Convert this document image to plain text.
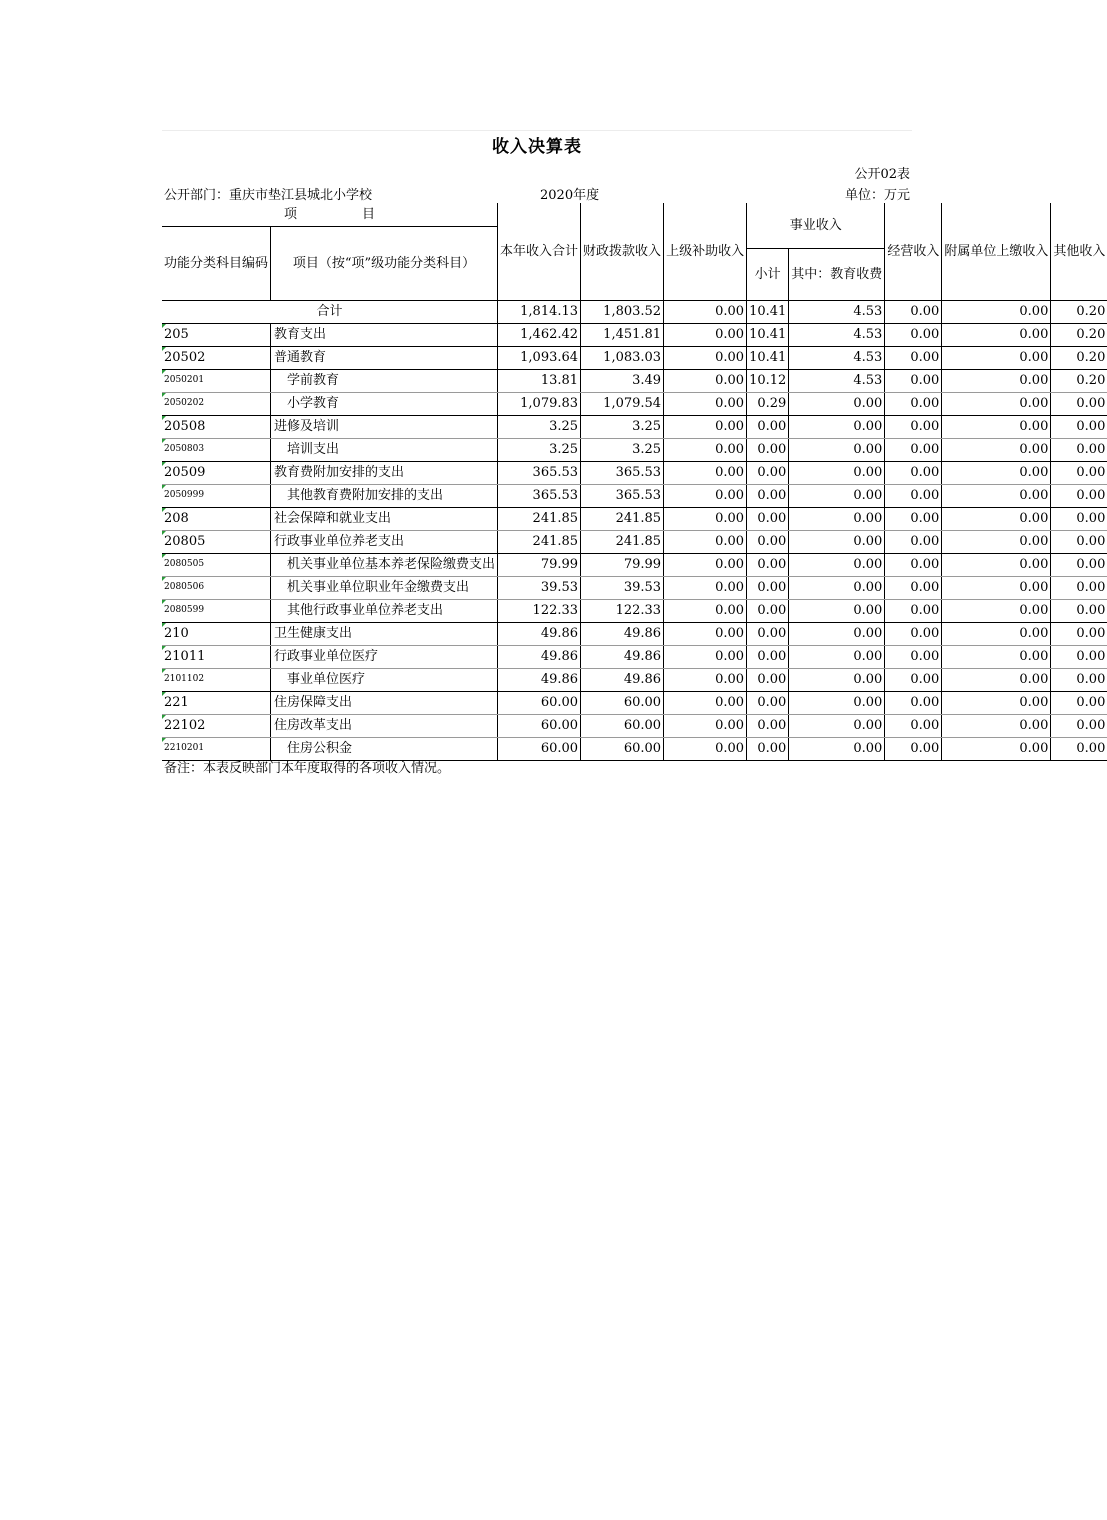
收入决算表
公开02表
公开部门：重庆市垫江县城北小学校	2020年度	单位：万元
项　　　　　目		本年收入合计	财政拨款收入	上级补助收入	事业收入		经营收入	附属单位上缴收入	其他收入
功能分类科目编码	项目（按“项”级功能分类科目）								
					小计	其中：教育收费			
合计		1,814.13	1,803.52	0.00	10.41	4.53	0.00	0.00	0.20
205	教育支出	1,462.42	1,451.81	0.00	10.41	4.53	0.00	0.00	0.20
20502	普通教育	1,093.64	1,083.03	0.00	10.41	4.53	0.00	0.00	0.20
2050201	学前教育	13.81	3.49	0.00	10.12	4.53	0.00	0.00	0.20
2050202	小学教育	1,079.83	1,079.54	0.00	0.29	0.00	0.00	0.00	0.00
20508	进修及培训	3.25	3.25	0.00	0.00	0.00	0.00	0.00	0.00
2050803	培训支出	3.25	3.25	0.00	0.00	0.00	0.00	0.00	0.00
20509	教育费附加安排的支出	365.53	365.53	0.00	0.00	0.00	0.00	0.00	0.00
2050999	其他教育费附加安排的支出	365.53	365.53	0.00	0.00	0.00	0.00	0.00	0.00
208	社会保障和就业支出	241.85	241.85	0.00	0.00	0.00	0.00	0.00	0.00
20805	行政事业单位养老支出	241.85	241.85	0.00	0.00	0.00	0.00	0.00	0.00
2080505	机关事业单位基本养老保险缴费支出	79.99	79.99	0.00	0.00	0.00	0.00	0.00	0.00
2080506	机关事业单位职业年金缴费支出	39.53	39.53	0.00	0.00	0.00	0.00	0.00	0.00
2080599	其他行政事业单位养老支出	122.33	122.33	0.00	0.00	0.00	0.00	0.00	0.00
210	卫生健康支出	49.86	49.86	0.00	0.00	0.00	0.00	0.00	0.00
21011	行政事业单位医疗	49.86	49.86	0.00	0.00	0.00	0.00	0.00	0.00
2101102	事业单位医疗	49.86	49.86	0.00	0.00	0.00	0.00	0.00	0.00
221	住房保障支出	60.00	60.00	0.00	0.00	0.00	0.00	0.00	0.00
22102	住房改革支出	60.00	60.00	0.00	0.00	0.00	0.00	0.00	0.00
2210201	住房公积金	60.00	60.00	0.00	0.00	0.00	0.00	0.00	0.00
备注：本表反映部门本年度取得的各项收入情况。
